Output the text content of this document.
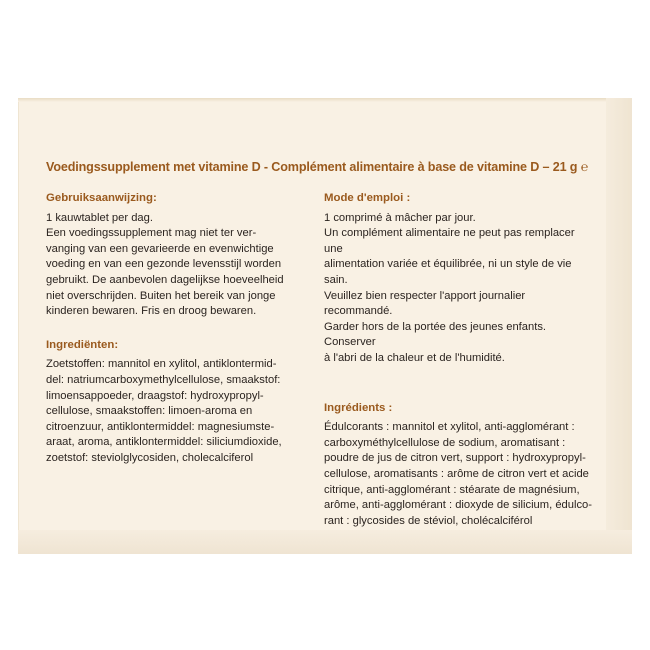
Voedingssupplement met vitamine D - Complément alimentaire à base de vitamine D – 21 g ℮

Gebruiksaanwijzing:

1 kauwtablet per dag.
Een voedingssupplement mag niet ter ver-
vanging van een gevarieerde en evenwichtige
voeding en van een gezonde levensstijl worden
gebruikt. De aanbevolen dagelijkse hoeveelheid
niet overschrijden. Buiten het bereik van jonge
kinderen bewaren. Fris en droog bewaren.

Ingrediënten:

Zoetstoffen: mannitol en xylitol, antiklontermid-
del: natriumcarboxymethylcellulose, smaakstof:
limoensappoeder, draagstof: hydroxypropyl-
cellulose, smaakstoffen: limoen-aroma en
citroenzuur, antiklontermiddel: magnesiumste-
araat, aroma, antiklontermiddel: siliciumdioxide,
zoetstof: steviolglycosiden, cholecalciferol

Mode d'emploi :

1 comprimé à mâcher par jour.
Un complément alimentaire ne peut pas remplacer une
alimentation variée et équilibrée, ni un style de vie sain.
Veuillez bien respecter l'apport journalier recommandé.
Garder hors de la portée des jeunes enfants. Conserver
à l'abri de la chaleur et de l'humidité.

Ingrédients :

Édulcorants : mannitol et xylitol, anti-agglomérant :
carboxyméthylcellulose de sodium, aromatisant :
poudre de jus de citron vert, support : hydroxypropyl-
cellulose, aromatisants : arôme de citron vert et acide
citrique, anti-agglomérant : stéarate de magnésium,
arôme, anti-agglomérant : dioxyde de silicium, édulco-
rant : glycosides de stéviol, cholécalciférol
